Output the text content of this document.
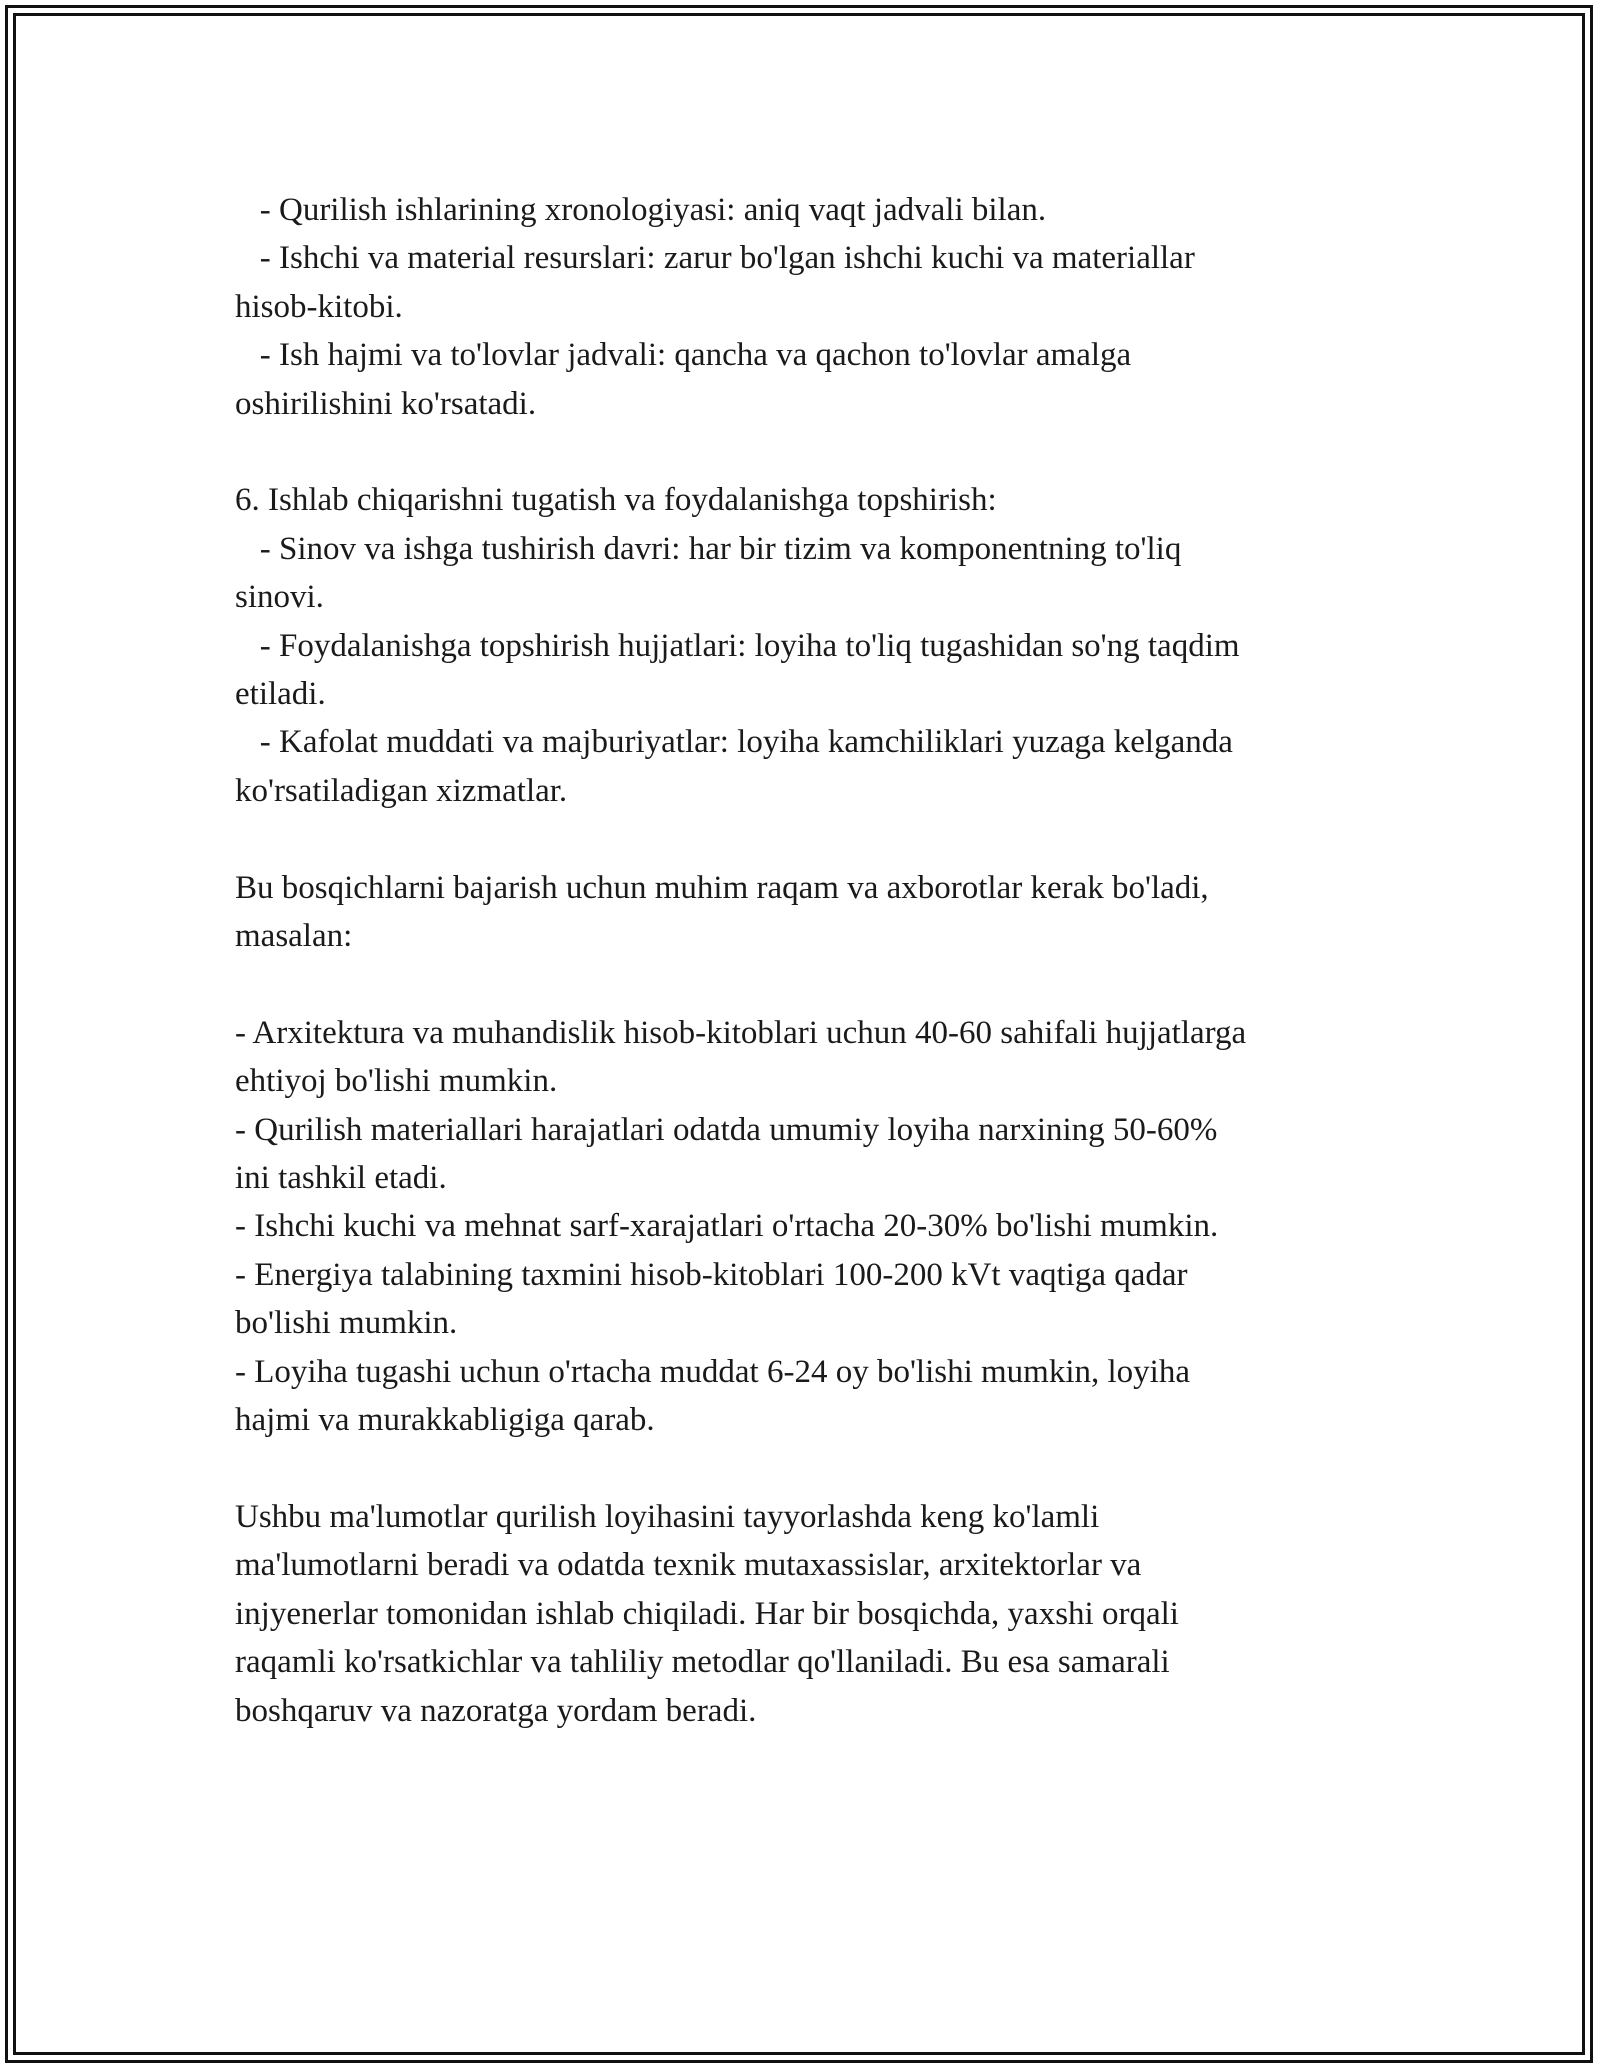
- Qurilish ishlarining xronologiyasi: aniq vaqt jadvali bilan.
- Ishchi va material resurslari: zarur bo'lgan ishchi kuchi va materiallar
hisob-kitobi.
- Ish hajmi va to'lovlar jadvali: qancha va qachon to'lovlar amalga
oshirilishini ko'rsatadi.
6. Ishlab chiqarishni tugatish va foydalanishga topshirish:
- Sinov va ishga tushirish davri: har bir tizim va komponentning to'liq
sinovi.
- Foydalanishga topshirish hujjatlari: loyiha to'liq tugashidan so'ng taqdim
etiladi.
- Kafolat muddati va majburiyatlar: loyiha kamchiliklari yuzaga kelganda
ko'rsatiladigan xizmatlar.
Bu bosqichlarni bajarish uchun muhim raqam va axborotlar kerak bo'ladi,
masalan:
- Arxitektura va muhandislik hisob-kitoblari uchun 40-60 sahifali hujjatlarga
ehtiyoj bo'lishi mumkin.
- Qurilish materiallari harajatlari odatda umumiy loyiha narxining 50-60%
ini tashkil etadi.
- Ishchi kuchi va mehnat sarf-xarajatlari o'rtacha 20-30% bo'lishi mumkin.
- Energiya talabining taxmini hisob-kitoblari 100-200 kVt vaqtiga qadar
bo'lishi mumkin.
- Loyiha tugashi uchun o'rtacha muddat 6-24 oy bo'lishi mumkin, loyiha
hajmi va murakkabligiga qarab.
Ushbu ma'lumotlar qurilish loyihasini tayyorlashda keng ko'lamli
ma'lumotlarni beradi va odatda texnik mutaxassislar, arxitektorlar va
injyenerlar tomonidan ishlab chiqiladi. Har bir bosqichda, yaxshi orqali
raqamli ko'rsatkichlar va tahliliy metodlar qo'llaniladi. Bu esa samarali
boshqaruv va nazoratga yordam beradi.
